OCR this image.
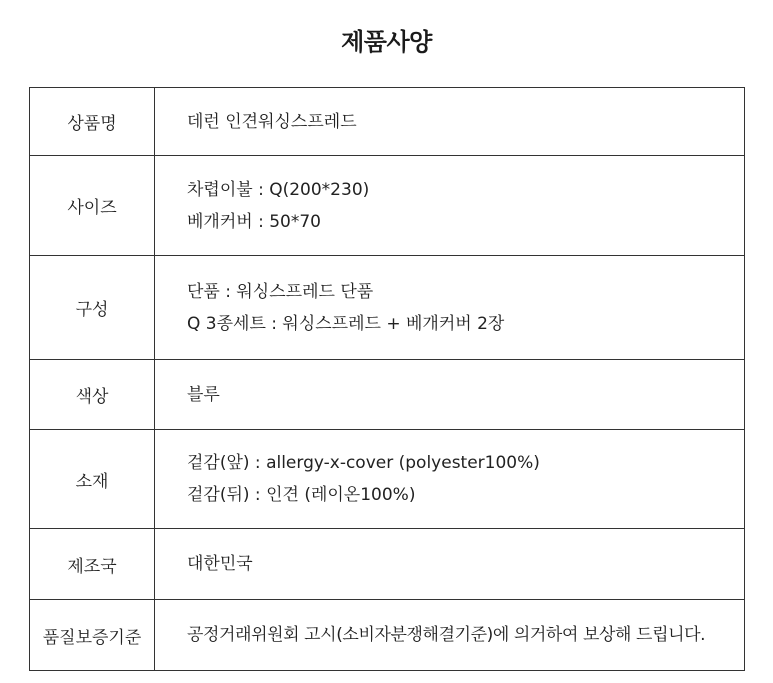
제품사양
상품명	데런 인견워싱스프레드

사이즈	차렵이불 : Q(200*230)
베개커버 : 50*70

구성	단품 : 워싱스프레드 단품
Q 3종세트 : 워싱스프레드 + 베개커버 2장

색상	블루

소재	겉감(앞) : allergy-x-cover (polyester100%)
겉감(뒤) : 인견 (레이온100%)

제조국	대한민국

품질보증기준	공정거래위원회 고시(소비자분쟁해결기준)에 의거하여 보상해 드립니다.
